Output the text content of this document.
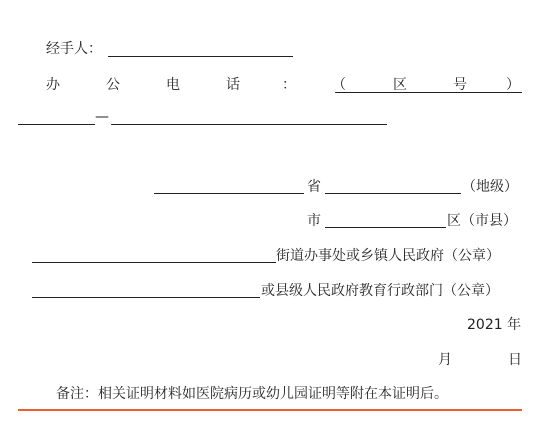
经手人：
办	公	电	话	：	（	区	号	）
—
省	（地级）
市	区（市县）
街道办事处或乡镇人民政府（公章）
或县级人民政府教育行政部门（公章）
2021 年
月	日
备注：相关证明材料如医院病历或幼儿园证明等附在本证明后。
